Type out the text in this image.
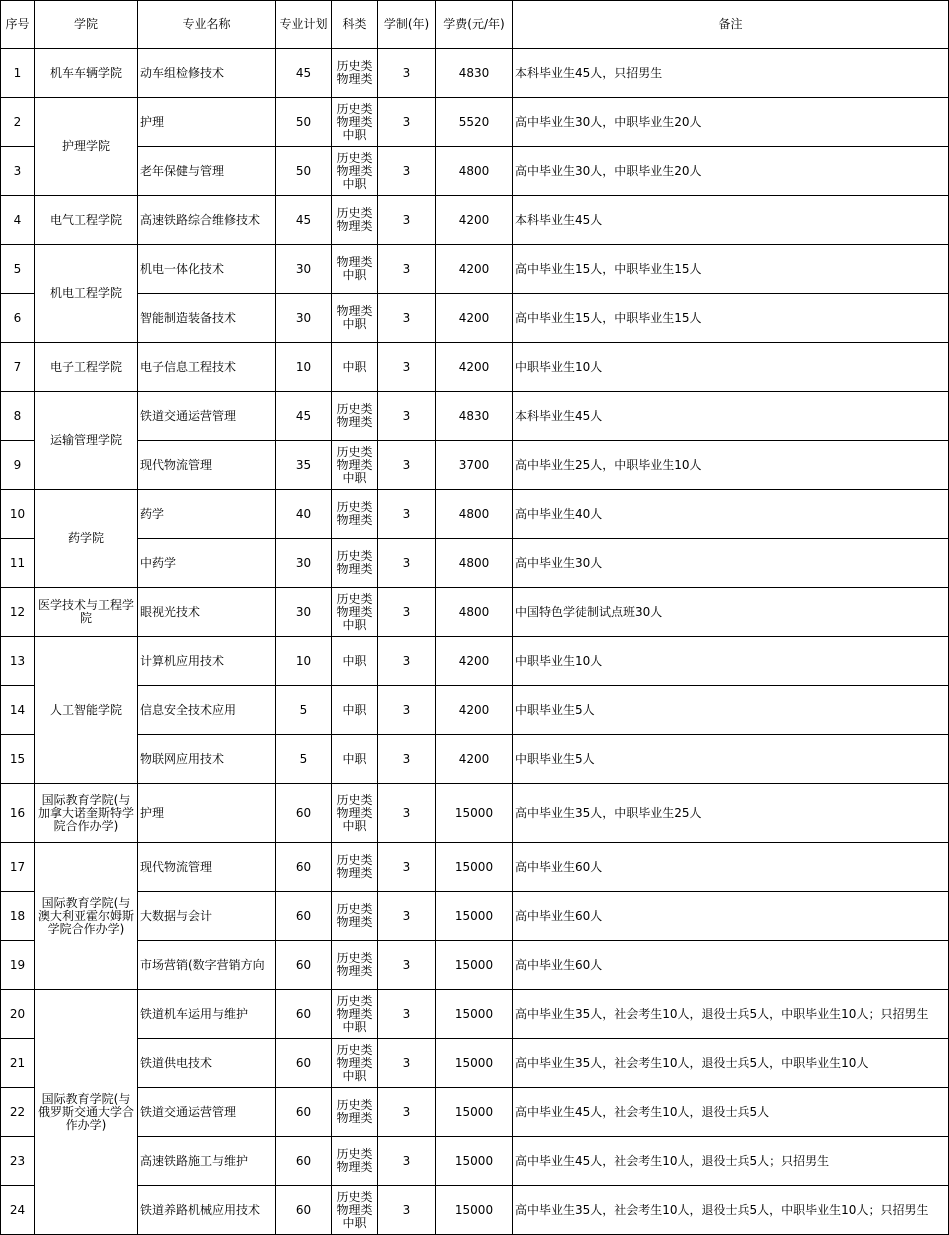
序号	学院	专业名称	专业计划	科类	学制(年)	学费(元/年)	备注
1	机车车辆学院	动车组检修技术	45	历史类
物理类	3	4830	本科毕业生45人，只招男生
2	护理学院	护理	50	历史类
物理类
中职	3	5520	高中毕业生30人，中职毕业生20人
3		老年保健与管理	50	历史类
物理类
中职	3	4800	高中毕业生30人，中职毕业生20人
4	电气工程学院	高速铁路综合维修技术	45	历史类
物理类	3	4200	本科毕业生45人
5	机电工程学院	机电一体化技术	30	物理类
中职	3	4200	高中毕业生15人，中职毕业生15人
6		智能制造装备技术	30	物理类
中职	3	4200	高中毕业生15人，中职毕业生15人
7	电子工程学院	电子信息工程技术	10	中职	3	4200	中职毕业生10人
8	运输管理学院	铁道交通运营管理	45	历史类
物理类	3	4830	本科毕业生45人
9		现代物流管理	35	历史类
物理类
中职	3	3700	高中毕业生25人，中职毕业生10人
10	药学院	药学	40	历史类
物理类	3	4800	高中毕业生40人
11		中药学	30	历史类
物理类	3	4800	高中毕业生30人
12	医学技术与工程学院	眼视光技术	30	历史类
物理类
中职	3	4800	中国特色学徒制试点班30人
13	人工智能学院	计算机应用技术	10	中职	3	4200	中职毕业生10人
14		信息安全技术应用	5	中职	3	4200	中职毕业生5人
15		物联网应用技术	5	中职	3	4200	中职毕业生5人
16	国际教育学院(与加拿大诺奎斯特学院合作办学)	护理	60	历史类
物理类
中职	3	15000	高中毕业生35人，中职毕业生25人
17	国际教育学院(与澳大利亚霍尔姆斯学院合作办学)	现代物流管理	60	历史类
物理类	3	15000	高中毕业生60人
18		大数据与会计	60	历史类
物理类	3	15000	高中毕业生60人
19		市场营销(数字营销方向	60	历史类
物理类	3	15000	高中毕业生60人
20	国际教育学院(与俄罗斯交通大学合作办学)	铁道机车运用与维护	60	历史类
物理类
中职	3	15000	高中毕业生35人，社会考生10人，退役士兵5人，中职毕业生10人；只招男生
21		铁道供电技术	60	历史类
物理类
中职	3	15000	高中毕业生35人，社会考生10人，退役士兵5人，中职毕业生10人
22		铁道交通运营管理	60	历史类
物理类	3	15000	高中毕业生45人，社会考生10人，退役士兵5人
23		高速铁路施工与维护	60	历史类
物理类	3	15000	高中毕业生45人，社会考生10人，退役士兵5人；只招男生
24		铁道养路机械应用技术	60	历史类
物理类
中职	3	15000	高中毕业生35人，社会考生10人，退役士兵5人，中职毕业生10人；只招男生
